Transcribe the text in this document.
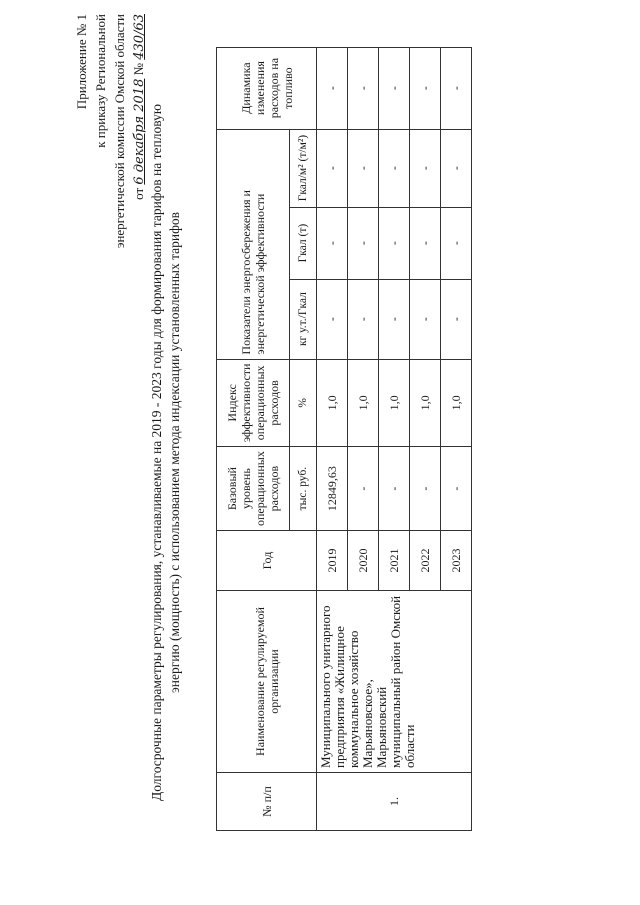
Приложение № 1 к приказу Региональной энергетической комиссии Омской области от 6 декабря 2018 № 430/63
Долгосрочные параметры регулирования, устанавливаемые на 2019 - 2023 годы для формирования тарифов на тепловую энергию (мощность) с использованием метода индексации установленных тарифов
№ п/п	Наименование регулируемой организации	Год	Базовый уровень операционных расходов	Индекс эффективности операционных расходов	Показатели энергосбережения и энергетической эффективности			Динамика изменения расходов на топливо
			тыс. руб.	%	кг у.т./Гкал	Гкал (т)	Гкал/м² (т/м²)	
1.	Муниципального унитарного предприятия «Жилищное коммунальное хозяйство Марьяновское», Марьяновский муниципальный район Омской области	2019	12849,63	1,0	-	-	-	-
		2020	-	1,0	-	-	-	-
		2021	-	1,0	-	-	-	-
		2022	-	1,0	-	-	-	-
		2023	-	1,0	-	-	-	-
